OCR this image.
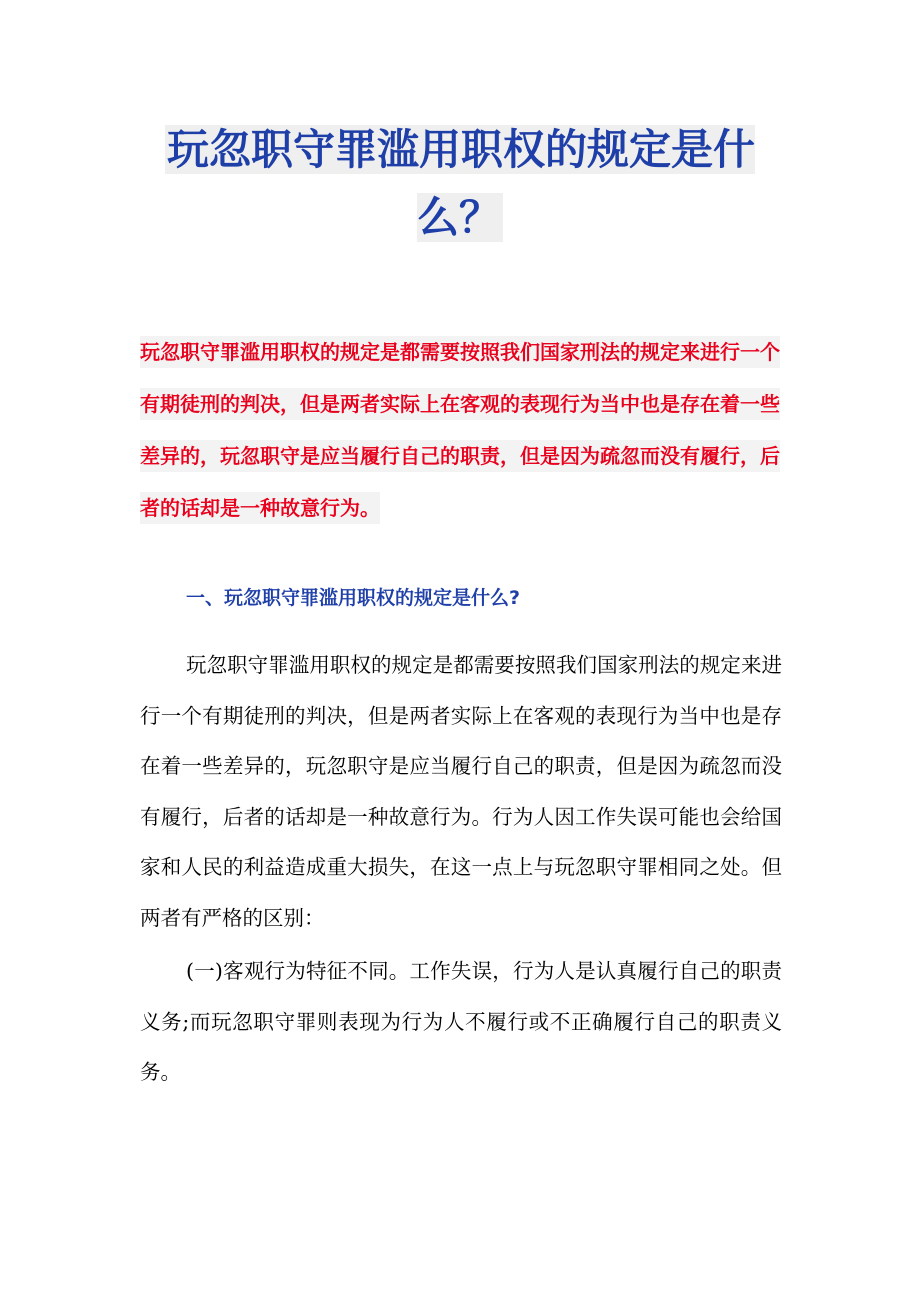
玩忽职守罪滥用职权的规定是什么？
玩忽职守罪滥用职权的规定是都需要按照我们国家刑法的规定来进行一个有期徒刑的判决，但是两者实际上在客观的表现行为当中也是存在着一些差异的，玩忽职守是应当履行自己的职责，但是因为疏忽而没有履行，后者的话却是一种故意行为。
一、玩忽职守罪滥用职权的规定是什么?

玩忽职守罪滥用职权的规定是都需要按照我们国家刑法的规定来进行一个有期徒刑的判决，但是两者实际上在客观的表现行为当中也是存在着一些差异的，玩忽职守是应当履行自己的职责，但是因为疏忽而没有履行，后者的话却是一种故意行为。行为人因工作失误可能也会给国家和人民的利益造成重大损失，在这一点上与玩忽职守罪相同之处。但两者有严格的区别：

(一)客观行为特征不同。工作失误，行为人是认真履行自己的职责义务;而玩忽职守罪则表现为行为人不履行或不正确履行自己的职责义务。
